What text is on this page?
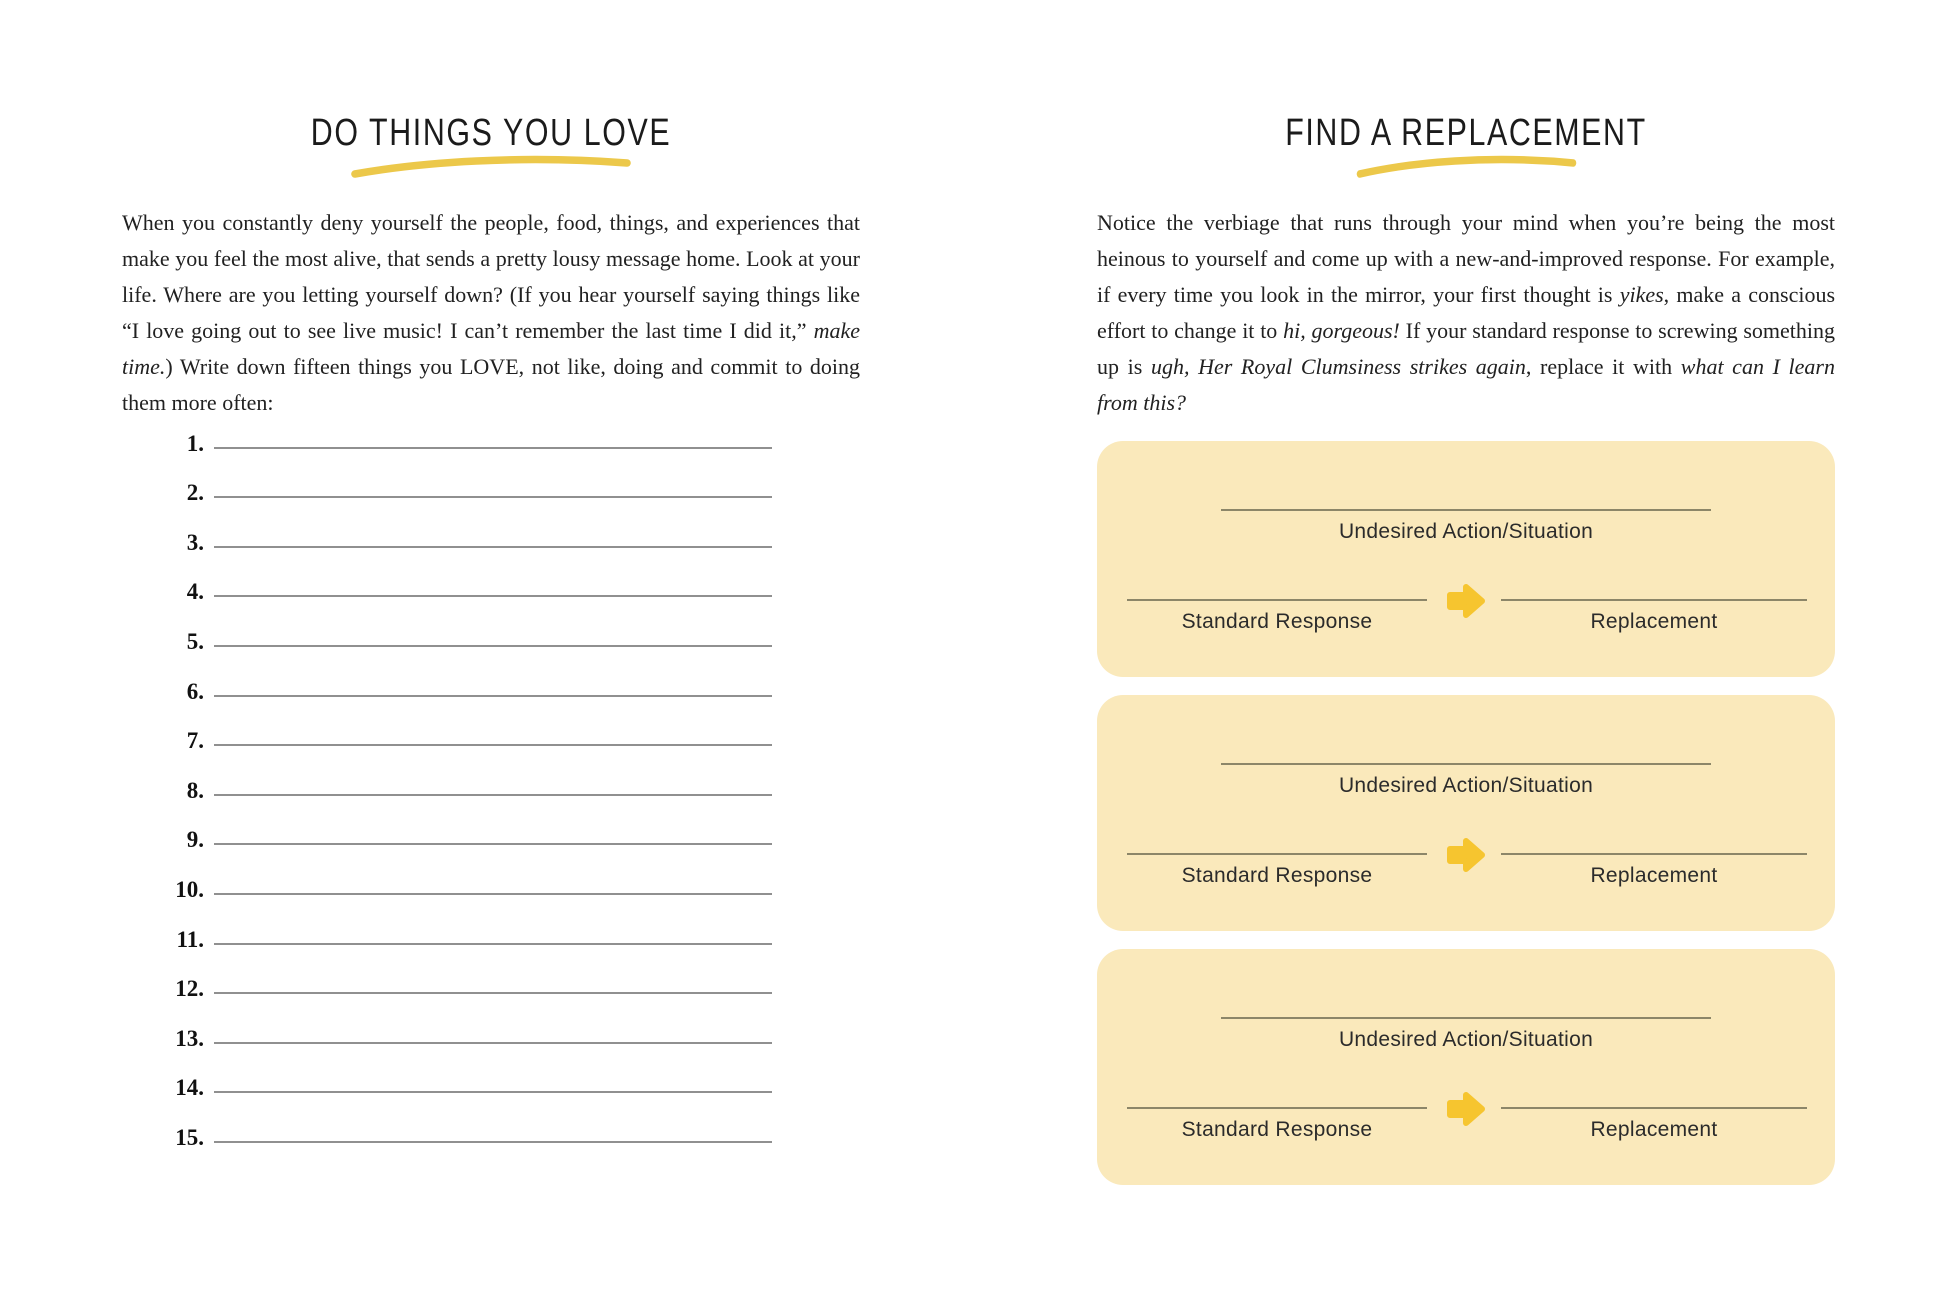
DO THINGS YOU LOVE

When you constantly deny yourself the people, food, things, and experiences that make you feel the most alive, that sends a pretty lousy message home. Look at your life. Where are you letting yourself down? (If you hear yourself saying things like “I love going out to see live music! I can’t remember the last time I did it,” make time.) Write down fifteen things you LOVE, not like, doing and commit to doing them more often:

1.
2.
3.
4.
5.
6.
7.
8.
9.
10.
11.
12.
13.
14.
15.
FIND A REPLACEMENT

Notice the verbiage that runs through your mind when you’re being the most heinous to yourself and come up with a new-and-improved response. For example, if every time you look in the mirror, your first thought is yikes, make a conscious effort to change it to hi, gorgeous! If your standard response to screwing something up is ugh, Her Royal Clumsiness strikes again, replace it with what can I learn from this?

Undesired Action/Situation
Standard Response	Replacement
Undesired Action/Situation
Standard Response	Replacement
Undesired Action/Situation
Standard Response	Replacement
